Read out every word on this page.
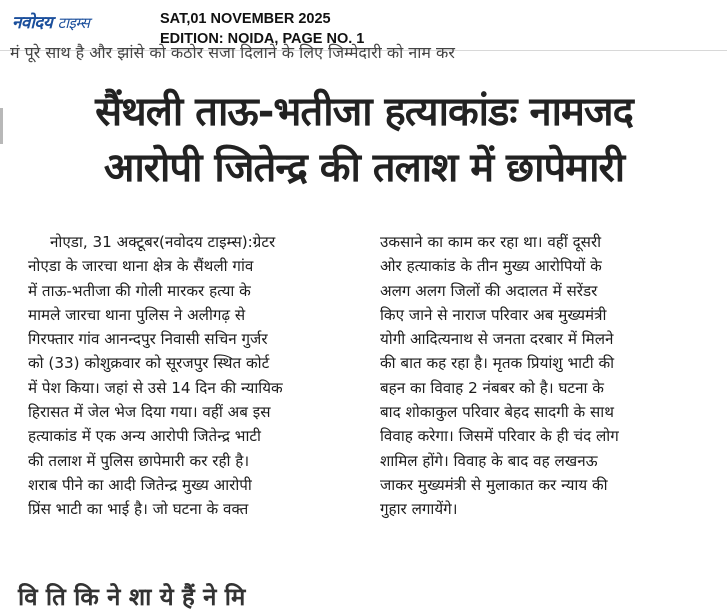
नवोदय टाइम्स	SAT,01 NOVEMBER 2025
EDITION: NOIDA, PAGE NO. 1
मं पूरे साथ है और झांसे को कठोर सजा दिलाने के लिए जिम्मेदारी को नाम कर
सैंथली ताऊ-भतीजा हत्याकांडः नामजद
आरोपी जितेन्द्र की तलाश में छापेमारी
नोएडा, 31 अक्टूबर(नवोदय टाइम्स):ग्रेटर
नोएडा के जारचा थाना क्षेत्र के सैंथली गांव
में ताऊ-भतीजा की गोली मारकर हत्या के
मामले जारचा थाना पुलिस ने अलीगढ़ से
गिरफ्तार गांव आनन्दपुर निवासी सचिन गुर्जर
को (33) कोशुक्रवार को सूरजपुर स्थित कोर्ट
में पेश किया। जहां से उसे 14 दिन की न्यायिक
हिरासत में जेल भेज दिया गया। वहीं अब इस
हत्याकांड में एक अन्य आरोपी जितेन्द्र भाटी
की तलाश में पुलिस छापेमारी कर रही है।
शराब पीने का आदी जितेन्द्र मुख्य आरोपी
प्रिंस भाटी का भाई है। जो घटना के वक्त
उकसाने का काम कर रहा था। वहीं दूसरी
ओर हत्याकांड के तीन मुख्य आरोपियों के
अलग अलग जिलों की अदालत में सरेंडर
किए जाने से नाराज परिवार अब मुख्यमंत्री
योगी आदित्यनाथ से जनता दरबार में मिलने
की बात कह रहा है। मृतक प्रियांशु भाटी की
बहन का विवाह 2 नंबबर को है। घटना के
बाद शोकाकुल परिवार बेहद सादगी के साथ
विवाह करेगा। जिसमें परिवार के ही चंद लोग
शामिल होंगे। विवाह के बाद वह लखनऊ
जाकर मुख्यमंत्री से मुलाकात कर न्याय की
गुहार लगायेंगे।
वि ति कि ने शा ये हैं ने मि
